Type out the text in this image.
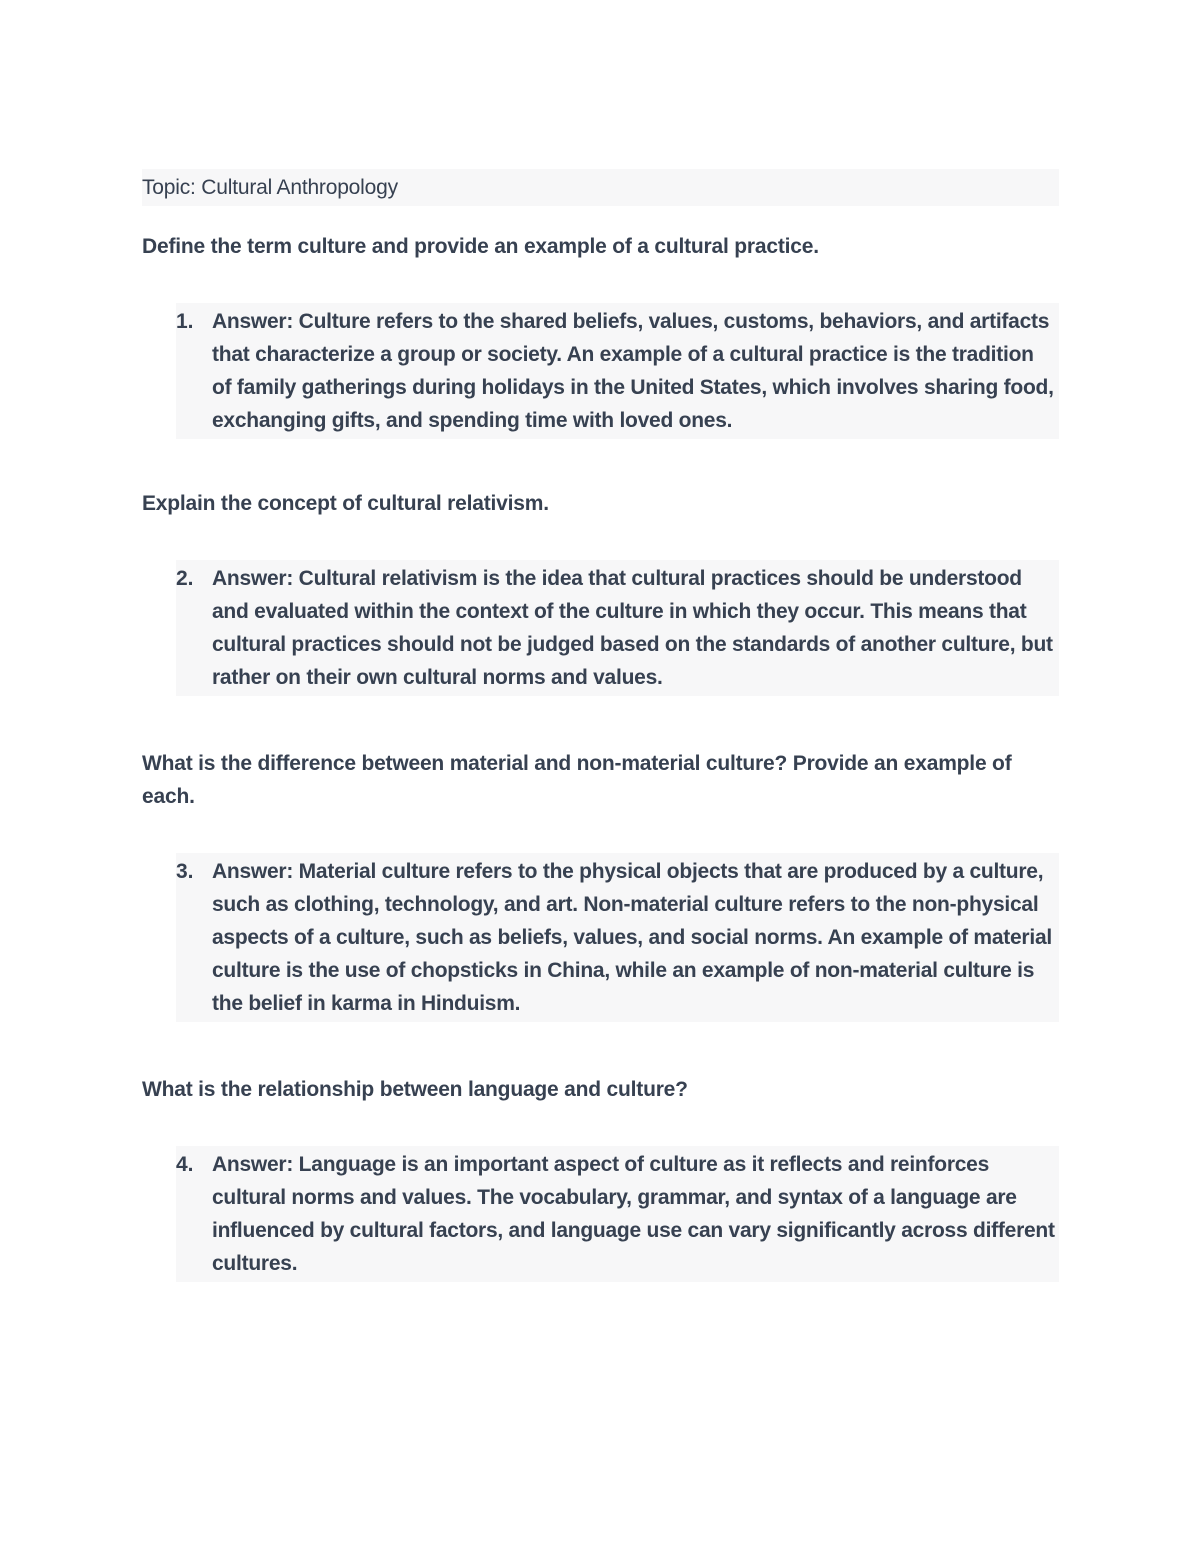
Topic: Cultural Anthropology

Define the term culture and provide an example of a cultural practice.

1. Answer: Culture refers to the shared beliefs, values, customs, behaviors, and artifacts that characterize a group or society. An example of a cultural practice is the tradition of family gatherings during holidays in the United States, which involves sharing food, exchanging gifts, and spending time with loved ones.

Explain the concept of cultural relativism.

2. Answer: Cultural relativism is the idea that cultural practices should be understood and evaluated within the context of the culture in which they occur. This means that cultural practices should not be judged based on the standards of another culture, but rather on their own cultural norms and values.

What is the difference between material and non-material culture? Provide an example of each.

3. Answer: Material culture refers to the physical objects that are produced by a culture, such as clothing, technology, and art. Non-material culture refers to the non-physical aspects of a culture, such as beliefs, values, and social norms. An example of material culture is the use of chopsticks in China, while an example of non-material culture is the belief in karma in Hinduism.

What is the relationship between language and culture?

4. Answer: Language is an important aspect of culture as it reflects and reinforces cultural norms and values. The vocabulary, grammar, and syntax of a language are influenced by cultural factors, and language use can vary significantly across different cultures.
